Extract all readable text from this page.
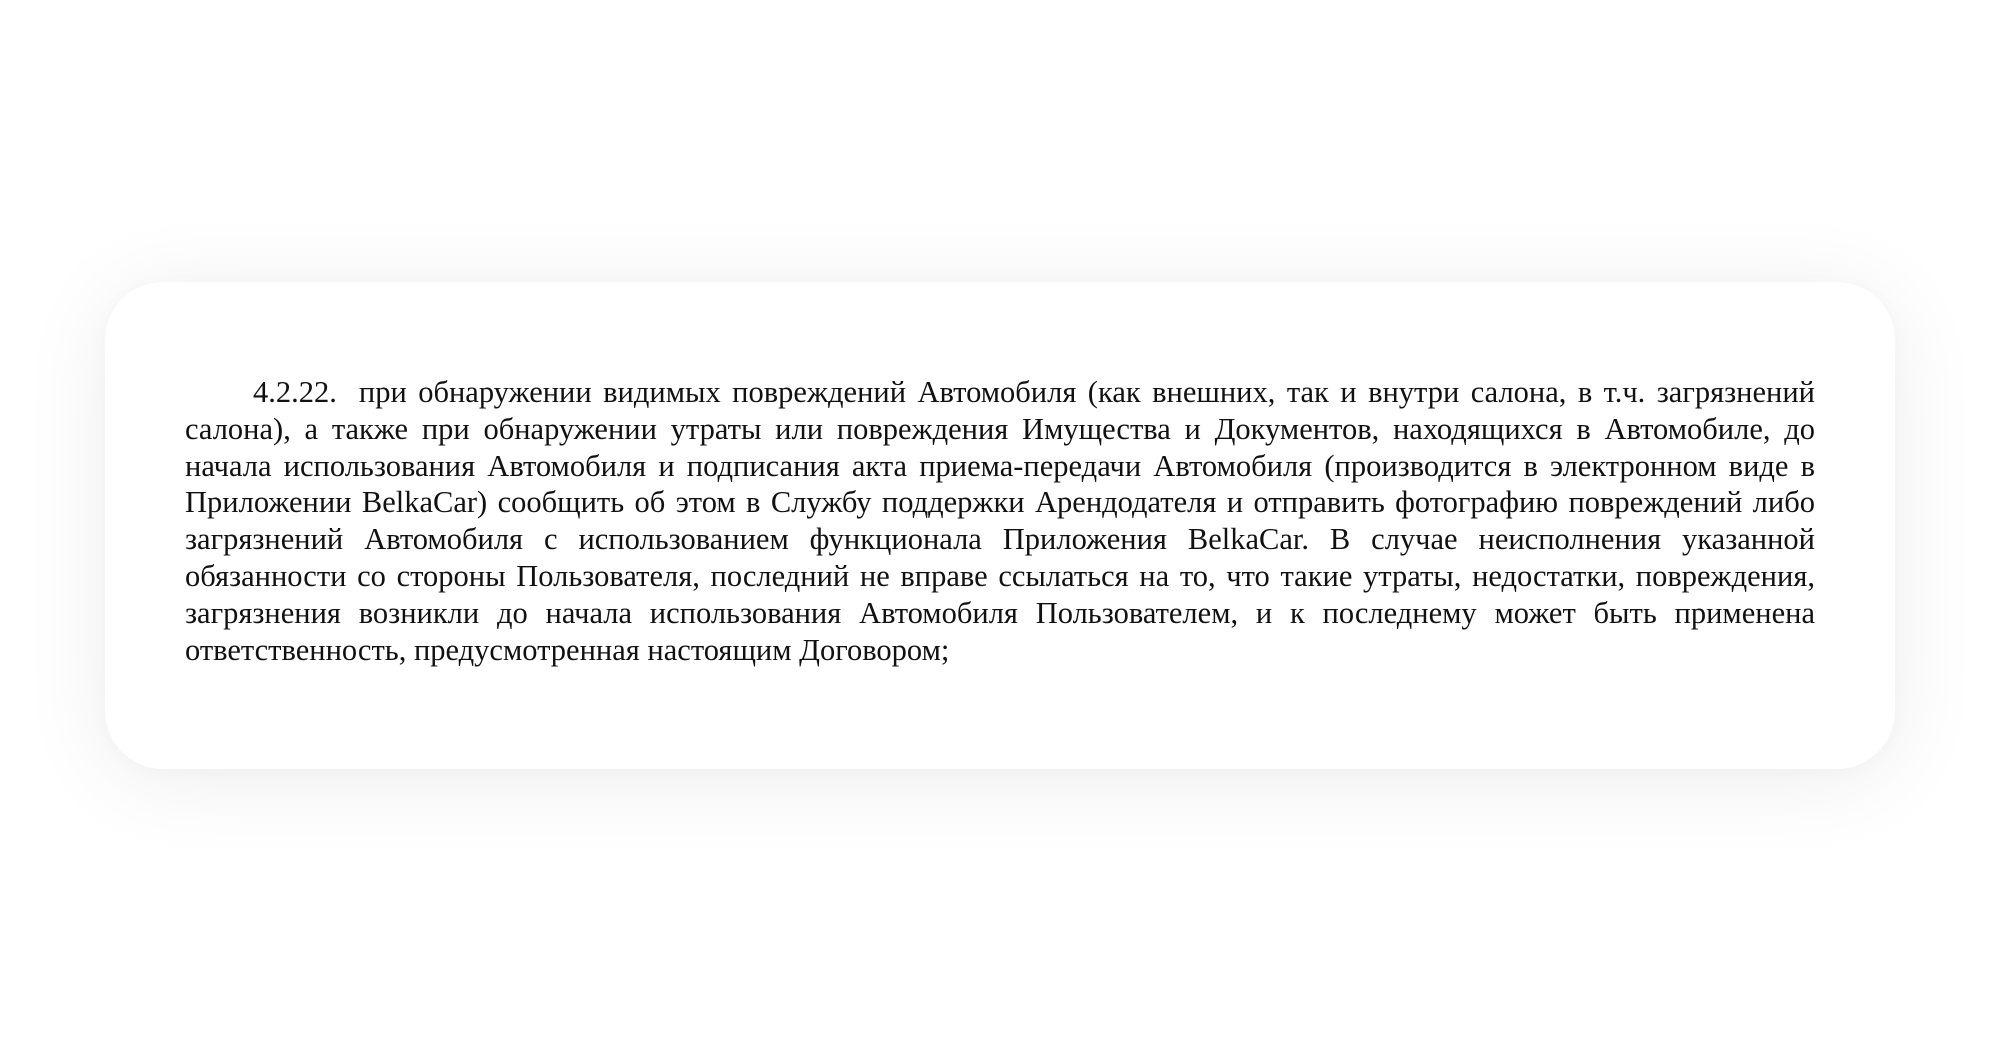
4.2.22. при обнаружении видимых повреждений Автомобиля (как внешних, так и внутри салона, в т.ч. загрязнений салона), а также при обнаружении утраты или повреждения Имущества и Документов, находящихся в Автомобиле, до начала использования Автомобиля и подписания акта приема-передачи Автомобиля (производится в электронном виде в Приложении BelkaCar) сообщить об этом в Службу поддержки Арендодателя и отправить фотографию повреждений либо загрязнений Автомобиля с использованием функционала Приложения BelkaCar. В случае неисполнения указанной обязанности со стороны Пользователя, последний не вправе ссылаться на то, что такие утраты, недостатки, повреждения, загрязнения возникли до начала использования Автомобиля Пользователем, и к последнему может быть применена ответственность, предусмотренная настоящим Договором;
